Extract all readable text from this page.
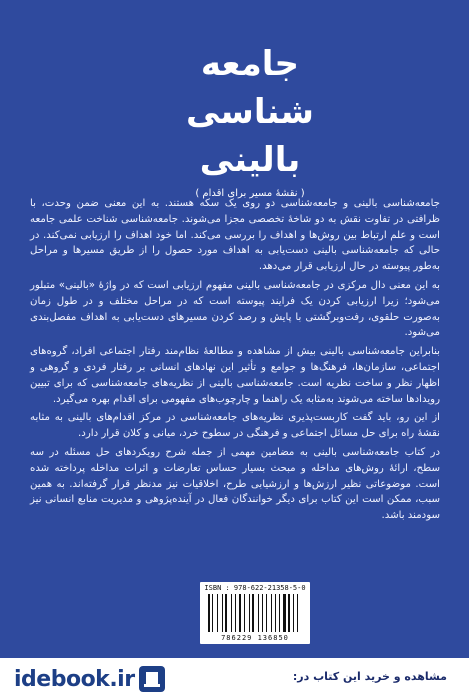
جامعه
شناسی
بالینی
( نقشهٔ مسیر برای اقدام )

جامعه‌شناسی بالینی و جامعه‌شناسی دو روی یک سکه هستند. به این معنی ضمن وحدت، با ظرافتی در تفاوت نقش به دو شاخهٔ تخصصی مجزا می‌شوند. جامعه‌شناسی شناخت علمی جامعه است و علم ارتباط بین روش‌ها و اهداف را بررسی می‌کند. اما خود اهداف را ارزیابی نمی‌کند. در حالی که جامعه‌شناسی بالینی دست‌یابی به اهداف مورد حصول را از طریق مسیرها و مراحل به‌طور پیوسته در حال ارزیابی قرار می‌دهد.

به این معنی دال مرکزی در جامعه‌شناسی بالینی مفهوم ارزیابی است که در واژهٔ «بالینی» متبلور می‌شود؛ زیرا ارزیابی کردن یک فرایند پیوسته است که در مراحل مختلف و در طول زمان به‌صورت حلقوی، رفت‌وبرگشتی با پایش و رصد کردن مسیرهای دست‌یابی به اهداف مفصل‌بندی می‌شود.

بنابراین جامعه‌شناسی بالینی بیش از مشاهده و مطالعهٔ نظام‌مند رفتار اجتماعی افراد، گروه‌های اجتماعی، سازمان‌ها، فرهنگ‌ها و جوامع و تأثیر این نهادهای انسانی بر رفتار فردی و گروهی و اظهار نظر و ساخت نظریه است. جامعه‌شناسی بالینی از نظریه‌های جامعه‌شناسی که برای تبیین رویدادها ساخته می‌شوند به‌مثابه یک راهنما و چارچوب‌های مفهومی برای اقدام بهره می‌گیرد.

از این رو، باید گفت کاربست‌پذیری نظریه‌های جامعه‌شناسی در مرکز اقدام‌های بالینی به مثابه نقشهٔ راه برای حل مسائل اجتماعی و فرهنگی در سطوح خرد، میانی و کلان قرار دارد.

در کتاب جامعه‌شناسی بالینی به مضامین مهمی از جمله شرح رویکردهای حل مسئله در سه سطح، ارائهٔ روش‌های مداخله و مبحث بسیار حساس تعارضات و اثرات مداخله پرداخته شده است. موضوعاتی نظیر ارزش‌ها و ارزشیابی طرح، اخلاقیات نیز مدنظر قرار گرفته‌اند. به همین سبب، ممکن است این کتاب برای دیگر خوانندگان فعال در آینده‌پژوهی و مدیریت منابع انسانی نیز سودمند باشد.

ISBN : 978-622-21358-5-0
786229 136850
idebook.ir	مشاهده و خرید این کتاب در:
